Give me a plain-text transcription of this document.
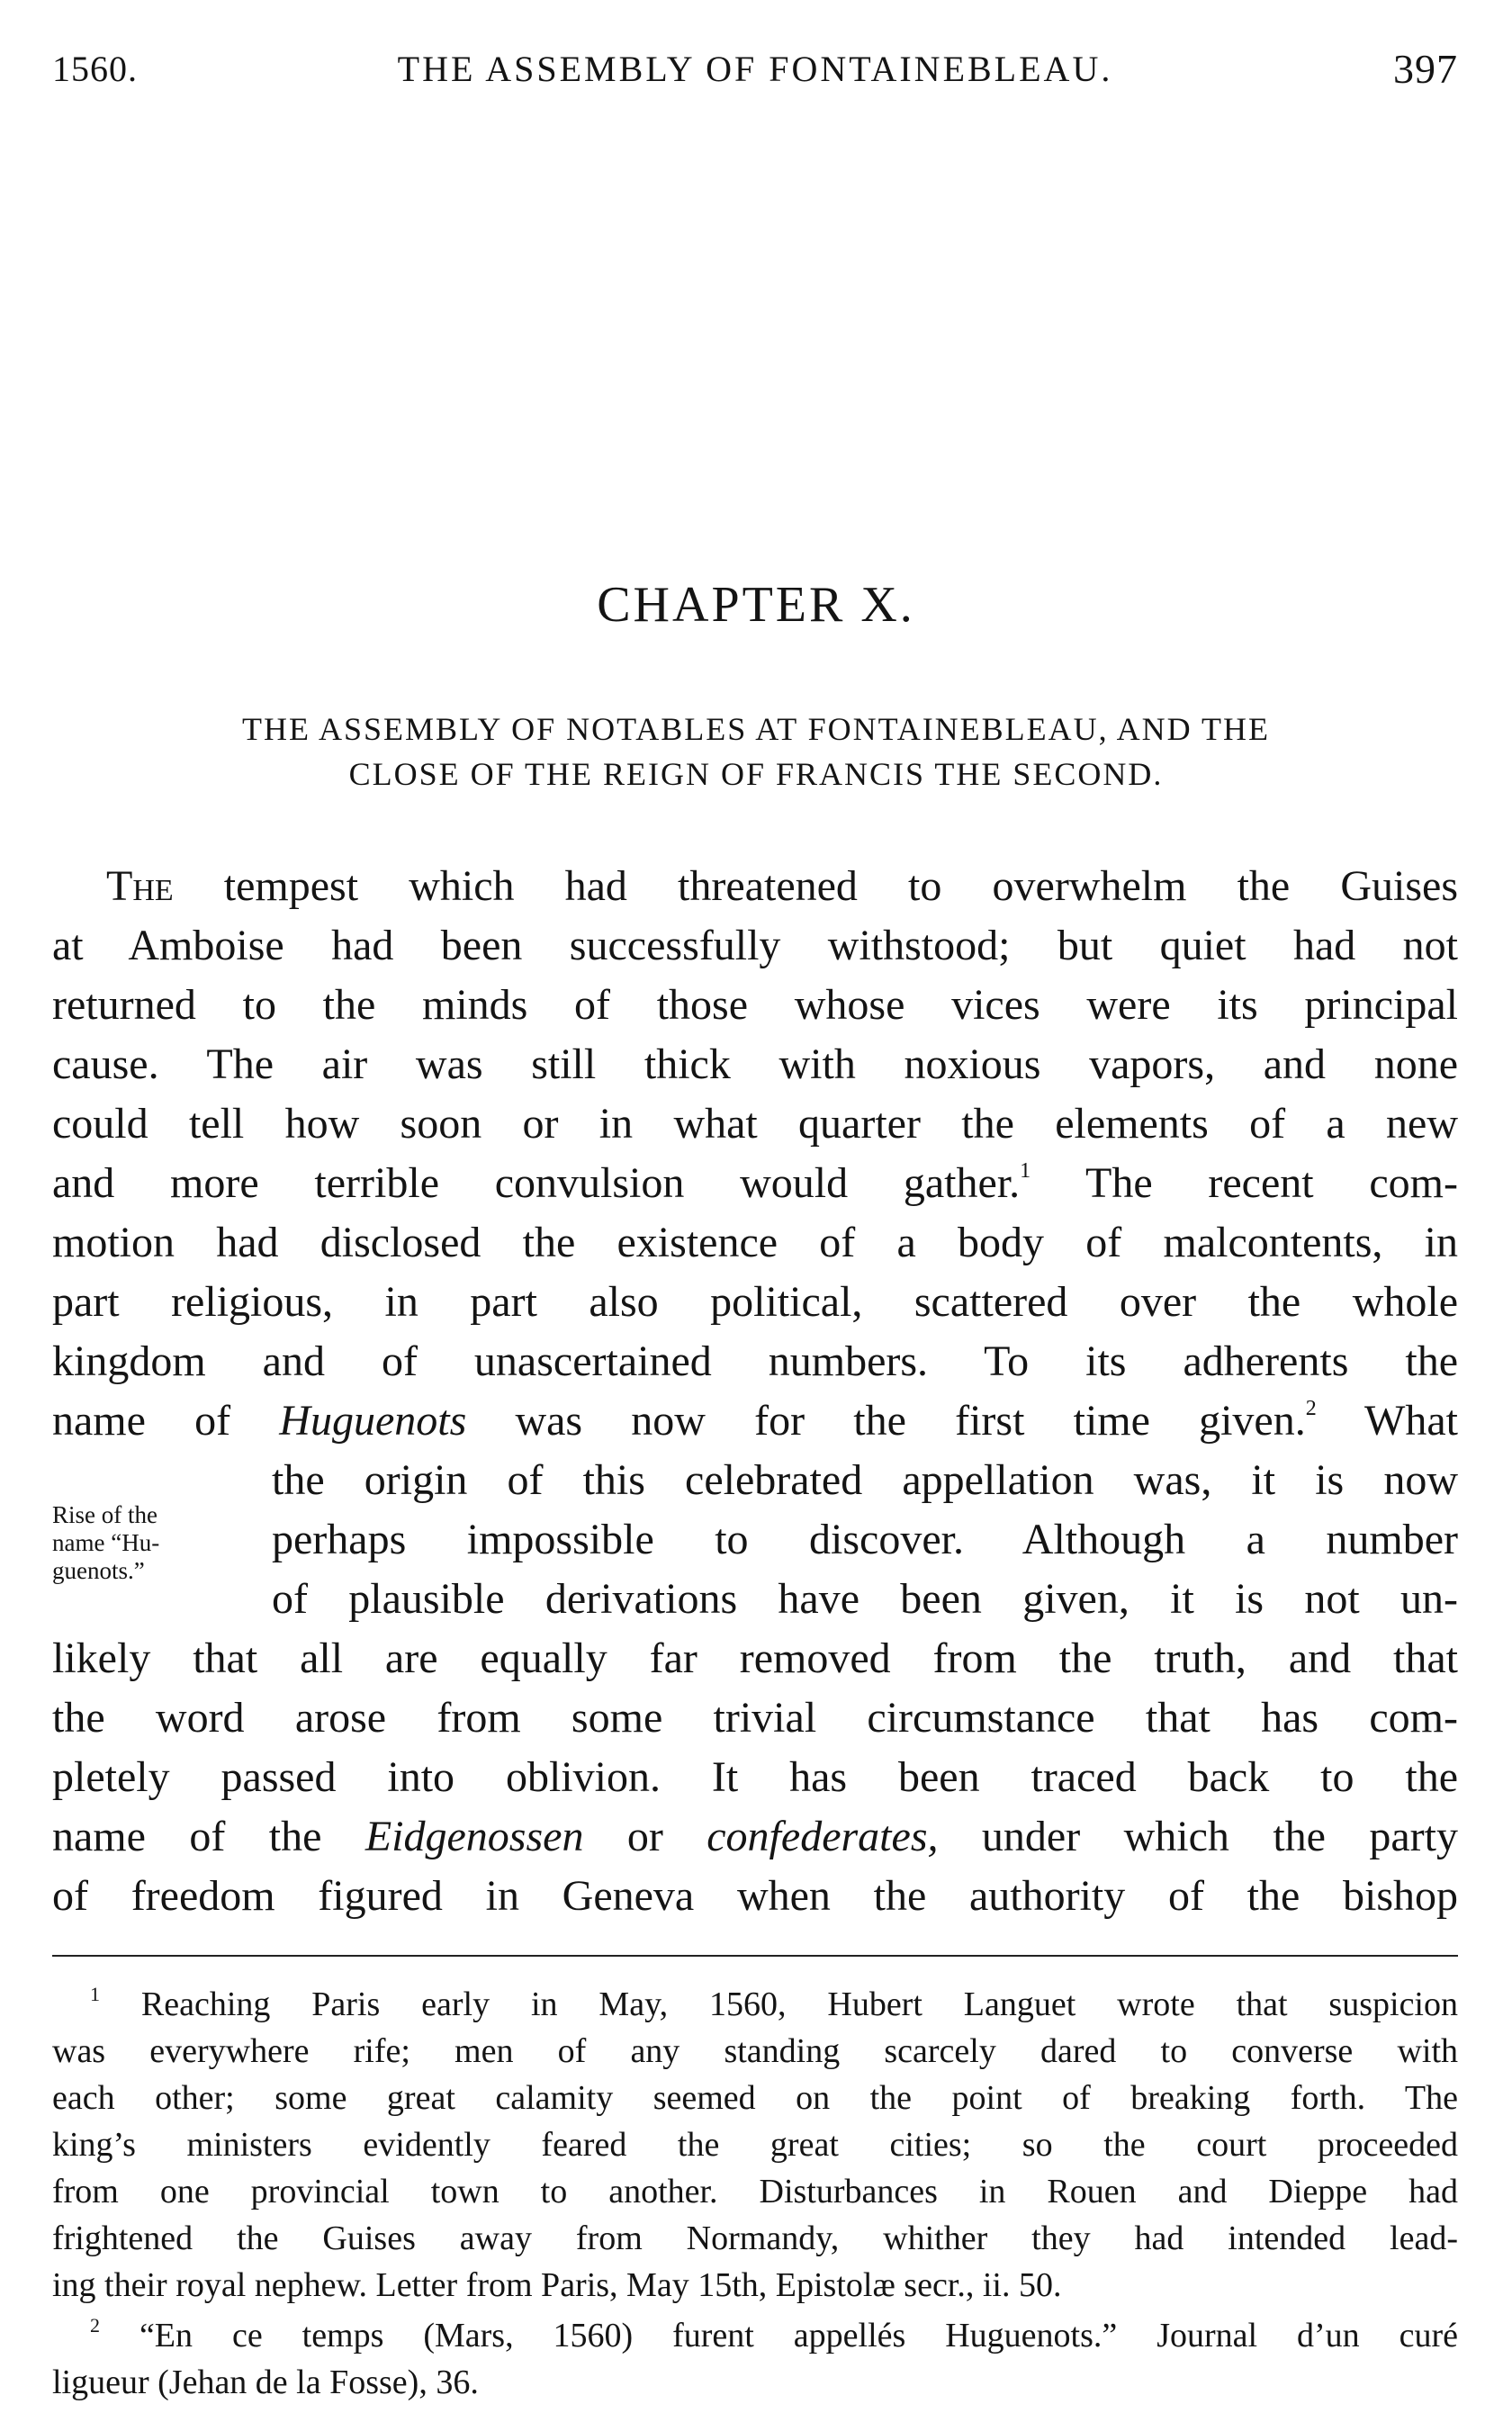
1560.	THE ASSEMBLY OF FONTAINEBLEAU.	397
CHAPTER X.
THE ASSEMBLY OF NOTABLES AT FONTAINEBLEAU, AND THE
CLOSE OF THE REIGN OF FRANCIS THE SECOND.
The tempest which had threatened to overwhelm the Guises
at Amboise had been successfully withstood; but quiet had not
returned to the minds of those whose vices were its principal
cause. The air was still thick with noxious vapors, and none
could tell how soon or in what quarter the elements of a new
and more terrible convulsion would gather.$^1$ The recent com-
motion had disclosed the existence of a body of malcontents, in
part religious, in part also political, scattered over the whole
kingdom and of unascertained numbers. To its adherents the
name of Huguenots was now for the first time given.$^2$ What
the origin of this celebrated appellation was, it is now
perhaps impossible to discover. Although a number
of plausible derivations have been given, it is not un-
likely that all are equally far removed from the truth, and that
the word arose from some trivial circumstance that has com-
pletely passed into oblivion. It has been traced back to the
name of the Eidgenossen or confederates, under which the party
of freedom figured in Geneva when the authority of the bishop
Rise of the
name “Hu-
guenots.”
$^1$ Reaching Paris early in May, 1560, Hubert Languet wrote that suspicion
was everywhere rife; men of any standing scarcely dared to converse with
each other; some great calamity seemed on the point of breaking forth. The
king’s ministers evidently feared the great cities; so the court proceeded
from one provincial town to another. Disturbances in Rouen and Dieppe had
frightened the Guises away from Normandy, whither they had intended lead-
ing their royal nephew. Letter from Paris, May 15th, Epistolæ secr., ii. 50.
$^2$ “En ce temps (Mars, 1560) furent appellés Huguenots.” Journal d’un curé
ligueur (Jehan de la Fosse), 36.
